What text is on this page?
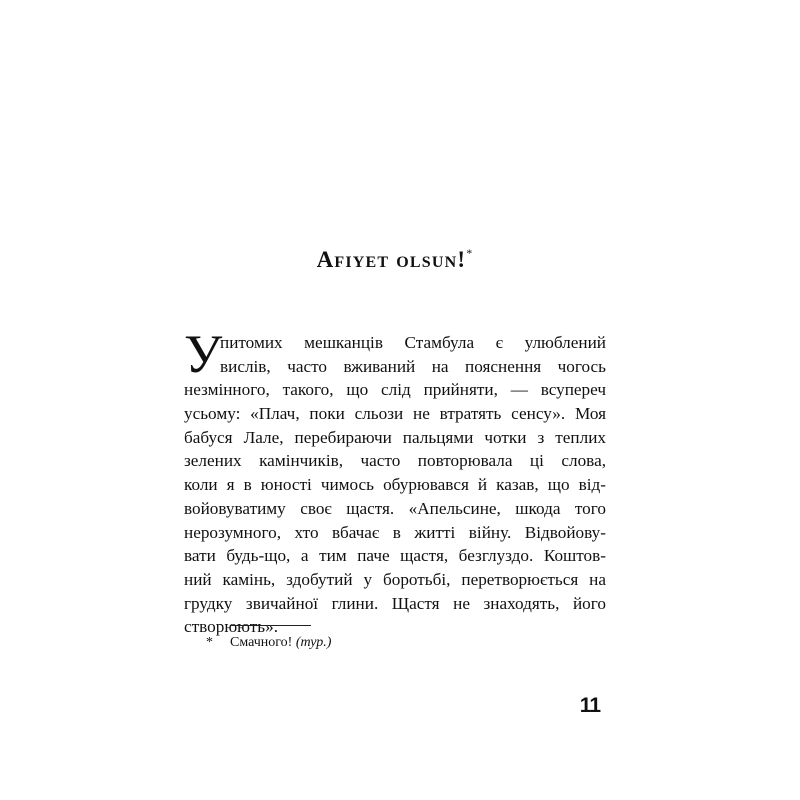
Afiyet olsun!*
У
питомих мешканців Стамбула є улюблений
вислів, часто вживаний на пояснення чогось
незмінного, такого, що слід прийняти, — всупереч
усьому: «Плач, поки сльози не втратять сенсу». Моя
бабуся Лале, перебираючи пальцями чотки з теплих
зелених камінчиків, часто повторювала ці слова,
коли я в юності чимось обурювався й казав, що від-
войовуватиму своє щастя. «Апельсине, шкода того
нерозумного, хто вбачає в житті війну. Відвойову-
вати будь-що, а тим паче щастя, безглуздо. Коштов-
ний камінь, здобутий у боротьбі, перетворюється на
грудку звичайної глини. Щастя не знаходять, його
створюють».
* Смачного! (тур.)
11
